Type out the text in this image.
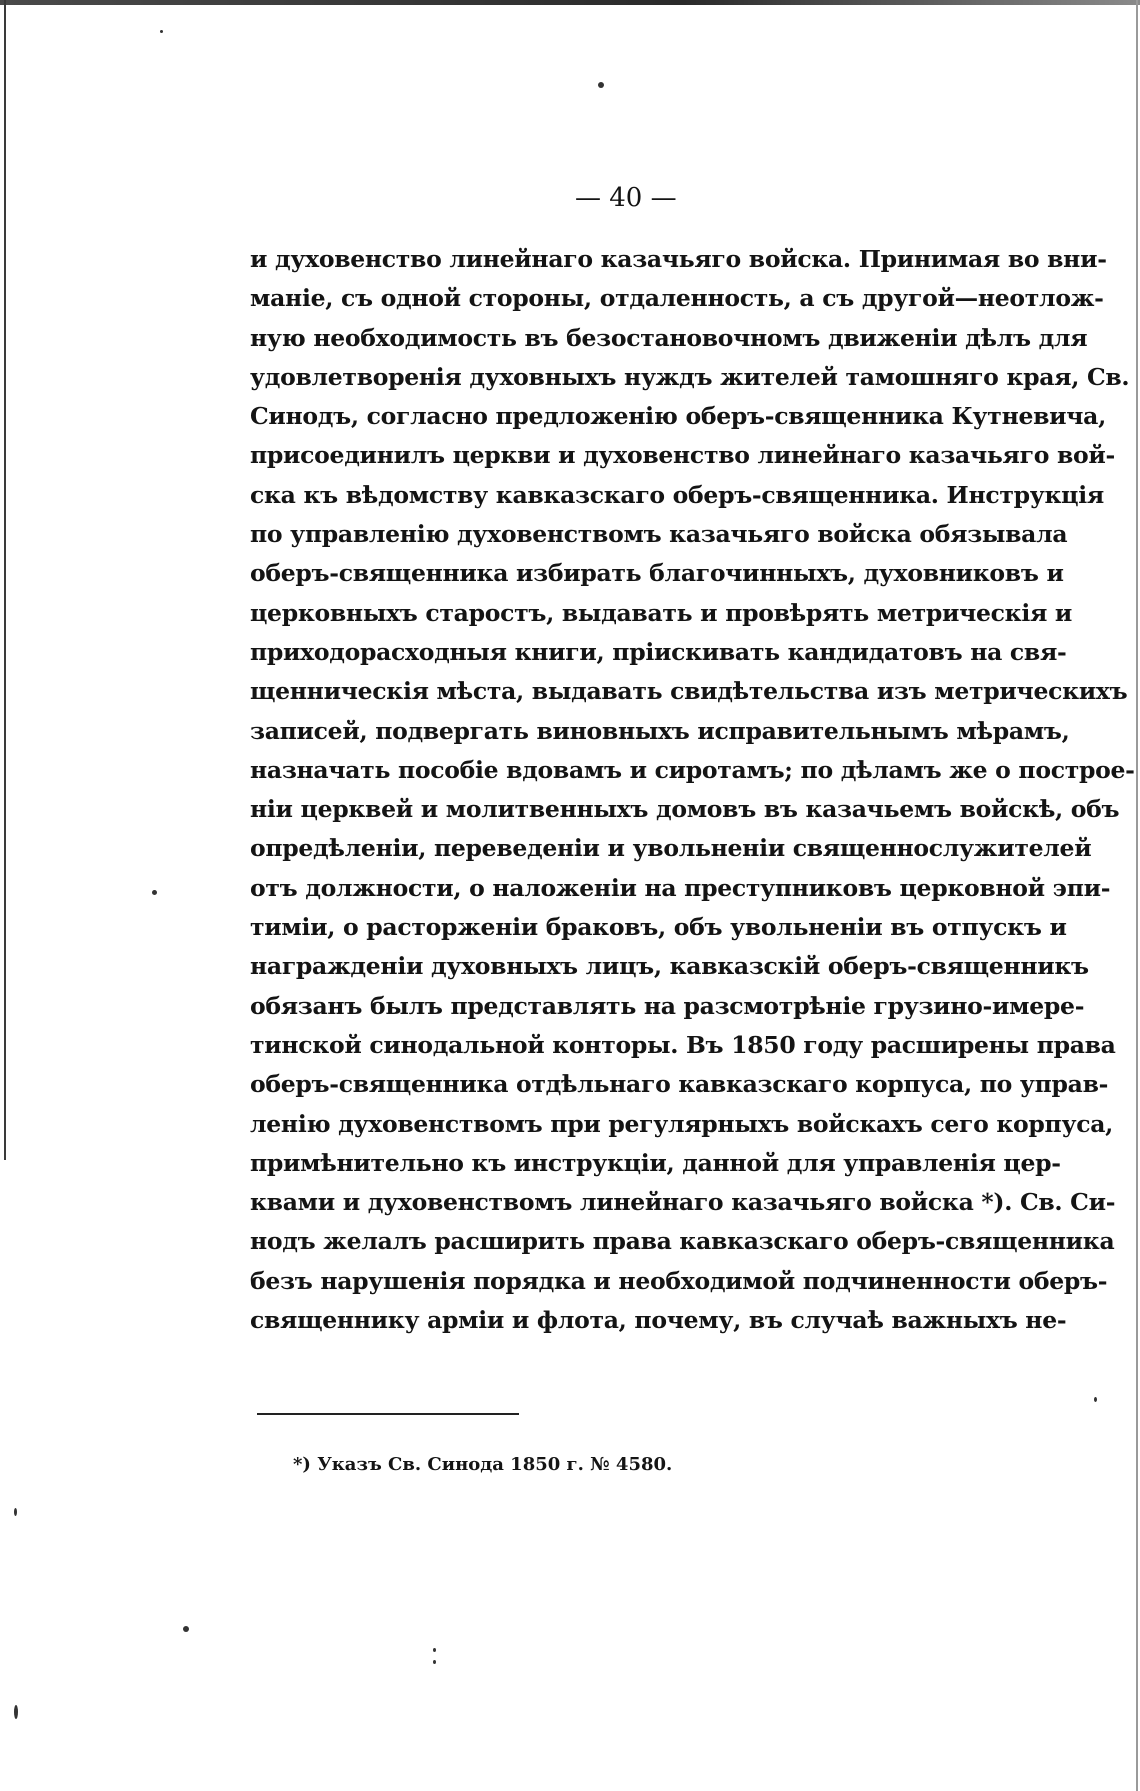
— 40 —
и духовенство линейнаго казачьяго войска. Принимая во вни-
маніе, съ одной стороны, отдаленность, а съ другой—неотлож-
ную необходимость въ безостановочномъ движеніи дѣлъ для
удовлетворенія духовныхъ нуждъ жителей тамошняго края, Св.
Синодъ, согласно предложенію оберъ-священника Кутневича,
присоединилъ церкви и духовенство линейнаго казачьяго вой-
ска къ вѣдомству кавказскаго оберъ-священника. Инструкція
по управленію духовенствомъ казачьяго войска обязывала
оберъ-священника избирать благочинныхъ, духовниковъ и
церковныхъ старостъ, выдавать и провѣрять метрическія и
приходорасходныя книги, пріискивать кандидатовъ на свя-
щенническія мѣста, выдавать свидѣтельства изъ метрическихъ
записей, подвергать виновныхъ исправительнымъ мѣрамъ,
назначать пособіе вдовамъ и сиротамъ; по дѣламъ же о построе-
ніи церквей и молитвенныхъ домовъ въ казачьемъ войскѣ, объ
опредѣленіи, переведеніи и увольненіи священнослужителей
отъ должности, о наложеніи на преступниковъ церковной эпи-
тиміи, о расторженіи браковъ, объ увольненіи въ отпускъ и
награжденіи духовныхъ лицъ, кавказскій оберъ-священникъ
обязанъ былъ представлять на разсмотрѣніе грузино-имере-
тинской синодальной конторы. Въ 1850 году расширены права
оберъ-священника отдѣльнаго кавказскаго корпуса, по управ-
ленію духовенствомъ при регулярныхъ войскахъ сего корпуса,
примѣнительно къ инструкціи, данной для управленія цер-
квами и духовенствомъ линейнаго казачьяго войска *). Св. Си-
нодъ желалъ расширить права кавказскаго оберъ-священника
безъ нарушенія порядка и необходимой подчиненности оберъ-
священнику арміи и флота, почему, въ случаѣ важныхъ не-
*) Указъ Св. Синода 1850 г. № 4580.
